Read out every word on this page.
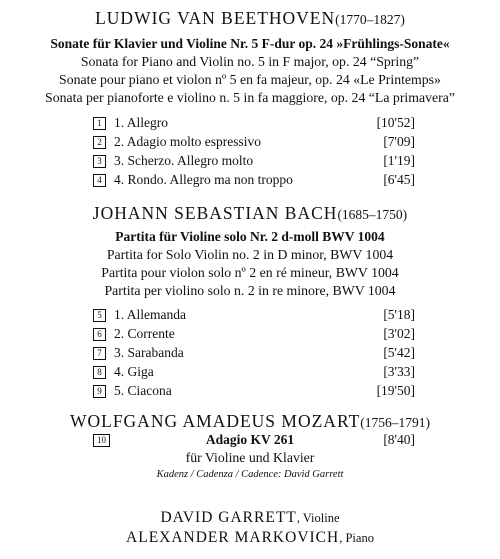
LUDWIG VAN BEETHOVEN(1770–1827)
Sonate für Klavier und Violine Nr. 5 F-dur op. 24 »Frühlings-Sonate«
Sonata for Piano and Violin no. 5 in F major, op. 24 “Spring”
Sonate pour piano et violon nº 5 en fa majeur, op. 24 «Le Printemps»
Sonata per pianoforte e violino n. 5 in fa maggiore, op. 24 “La primavera”
1 1. Allegro	[10'52]
2 2. Adagio molto espressivo	[7'09]
3 3. Scherzo. Allegro molto	[1'19]
4 4. Rondo. Allegro ma non troppo	[6'45]
JOHANN SEBASTIAN BACH(1685–1750)
Partita für Violine solo Nr. 2 d-moll BWV 1004
Partita for Solo Violin no. 2 in D minor, BWV 1004
Partita pour violon solo nº 2 en ré mineur, BWV 1004
Partita per violino solo n. 2 in re minore, BWV 1004
5 1. Allemanda	[5'18]
6 2. Corrente	[3'02]
7 3. Sarabanda	[5'42]
8 4. Giga	[3'33]
9 5. Ciacona	[19'50]
WOLFGANG AMADEUS MOZART(1756–1791)
10	Adagio KV 261	[8'40]
für Violine und Klavier
Kadenz / Cadenza / Cadence: David Garrett
DAVID GARRETT, Violine
ALEXANDER MARKOVICH, Piano
